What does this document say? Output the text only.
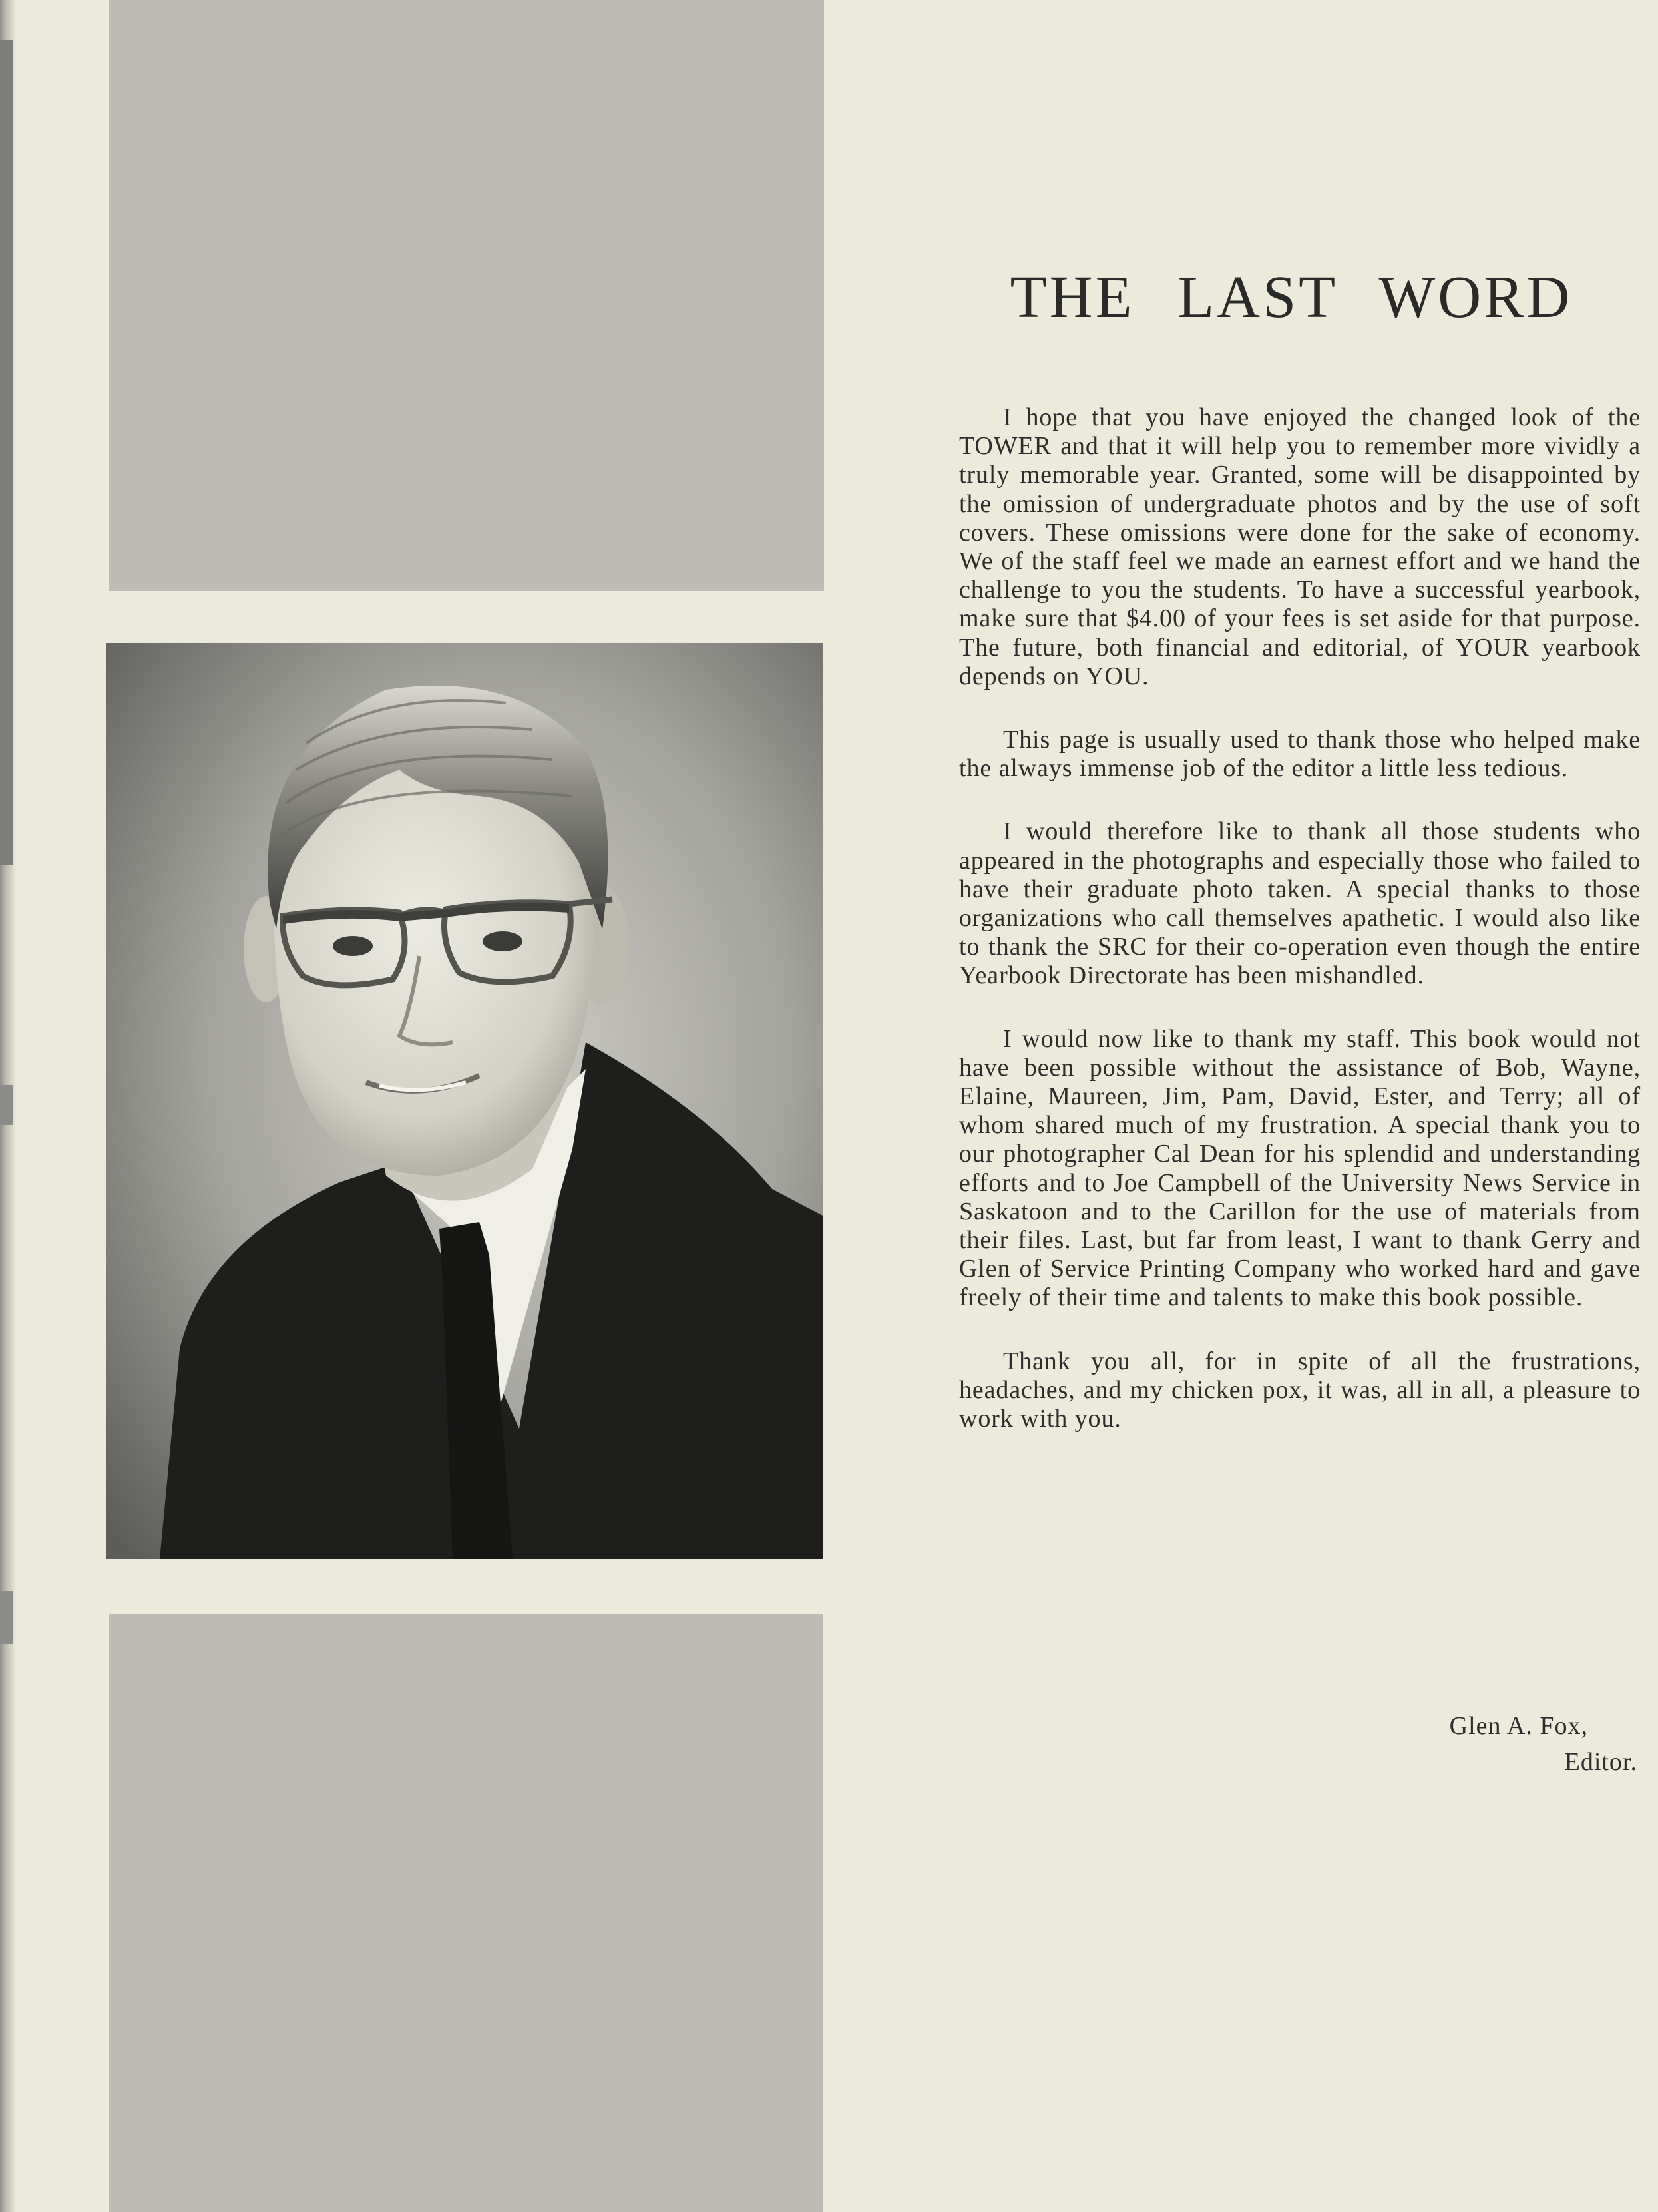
THE LAST WORD

I hope that you have enjoyed the changed look of the TOWER and that it will help you to remember more vividly a truly memorable year. Granted, some will be disappointed by the omission of undergraduate photos and by the use of soft covers. These omissions were done for the sake of economy. We of the staff feel we made an earnest effort and we hand the challenge to you the students. To have a successful yearbook, make sure that $4.00 of your fees is set aside for that purpose. The future, both financial and editorial, of YOUR yearbook depends on YOU.

This page is usually used to thank those who helped make the always immense job of the editor a little less tedious.

I would therefore like to thank all those students who appeared in the photographs and especially those who failed to have their graduate photo taken. A special thanks to those organizations who call themselves apathetic. I would also like to thank the SRC for their co-operation even though the entire Yearbook Directorate has been mishandled.

I would now like to thank my staff. This book would not have been possible without the assistance of Bob, Wayne, Elaine, Maureen, Jim, Pam, David, Ester, and Terry; all of whom shared much of my frustration. A special thank you to our photographer Cal Dean for his splendid and understanding efforts and to Joe Campbell of the University News Service in Saskatoon and to the Carillon for the use of materials from their files. Last, but far from least, I want to thank Gerry and Glen of Service Printing Company who worked hard and gave freely of their time and talents to make this book possible.

Thank you all, for in spite of all the frustrations, headaches, and my chicken pox, it was, all in all, a pleasure to work with you.

Glen A. Fox,
Editor.
